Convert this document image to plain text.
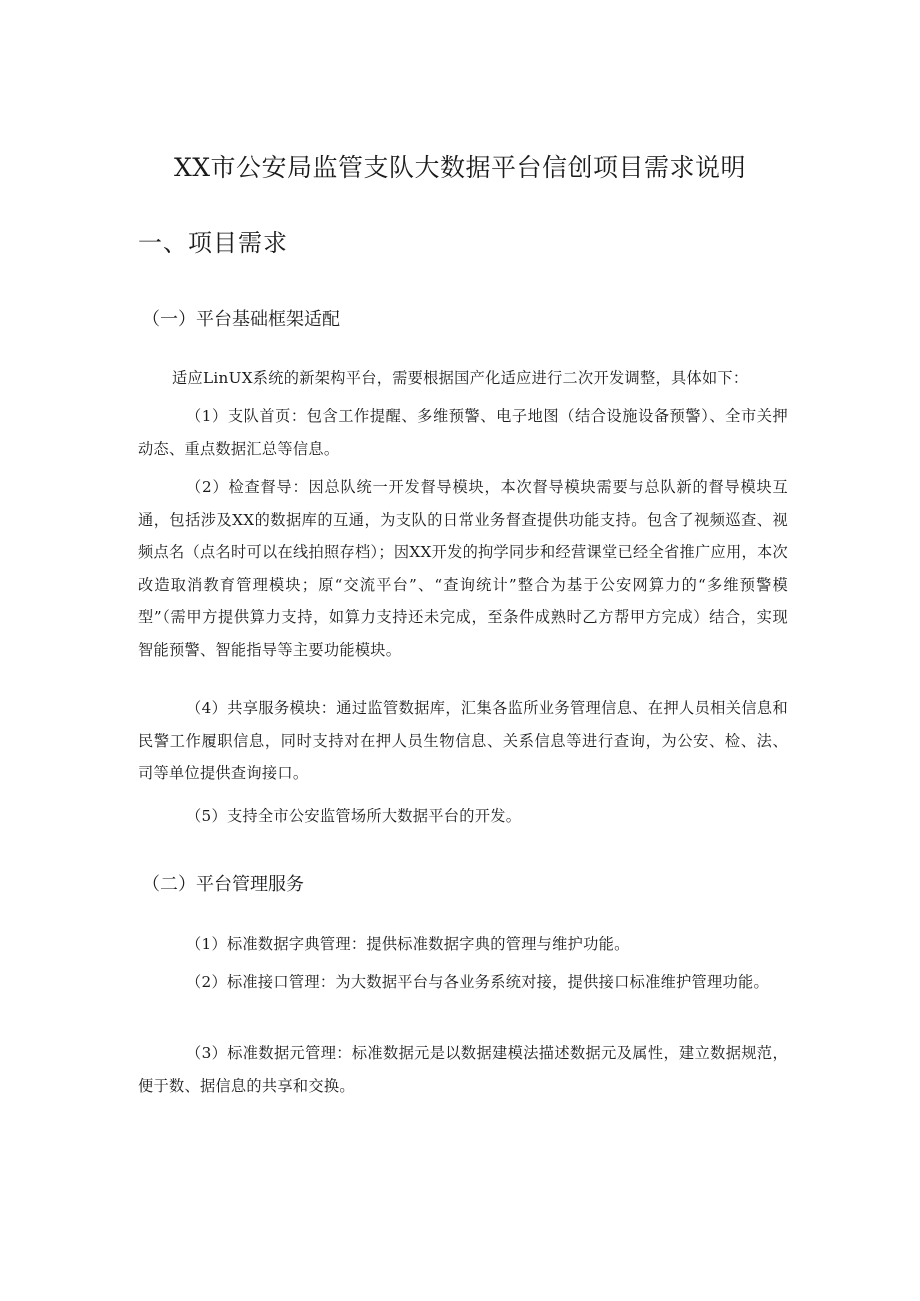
XX市公安局监管支队大数据平台信创项目需求说明
一、项目需求
（一）平台基础框架适配

适应LinUX系统的新架构平台，需要根据国产化适应进行二次开发调整，具体如下：

（1）支队首页：包含工作提醒、多维预警、电子地图（结合设施设备预警）、全市关押动态、重点数据汇总等信息。

（2）检查督导：因总队统一开发督导模块，本次督导模块需要与总队新的督导模块互通，包括涉及XX的数据库的互通，为支队的日常业务督查提供功能支持。包含了视频巡查、视频点名（点名时可以在线拍照存档）；因XX开发的拘学同步和经营课堂已经全省推广应用，本次改造取消教育管理模块；原“交流平台”、“查询统计”整合为基于公安网算力的“多维预警模型”（需甲方提供算力支持，如算力支持还未完成，至条件成熟时乙方帮甲方完成）结合，实现智能预警、智能指导等主要功能模块。

（4）共享服务模块：通过监管数据库，汇集各监所业务管理信息、在押人员相关信息和民警工作履职信息，同时支持对在押人员生物信息、关系信息等进行查询，为公安、检、法、司等单位提供查询接口。

（5）支持全市公安监管场所大数据平台的开发。

（二）平台管理服务

（1）标准数据字典管理：提供标准数据字典的管理与维护功能。

（2）标准接口管理：为大数据平台与各业务系统对接，提供接口标准维护管理功能。

（3）标准数据元管理：标准数据元是以数据建模法描述数据元及属性，建立数据规范，便于数、据信息的共享和交换。
